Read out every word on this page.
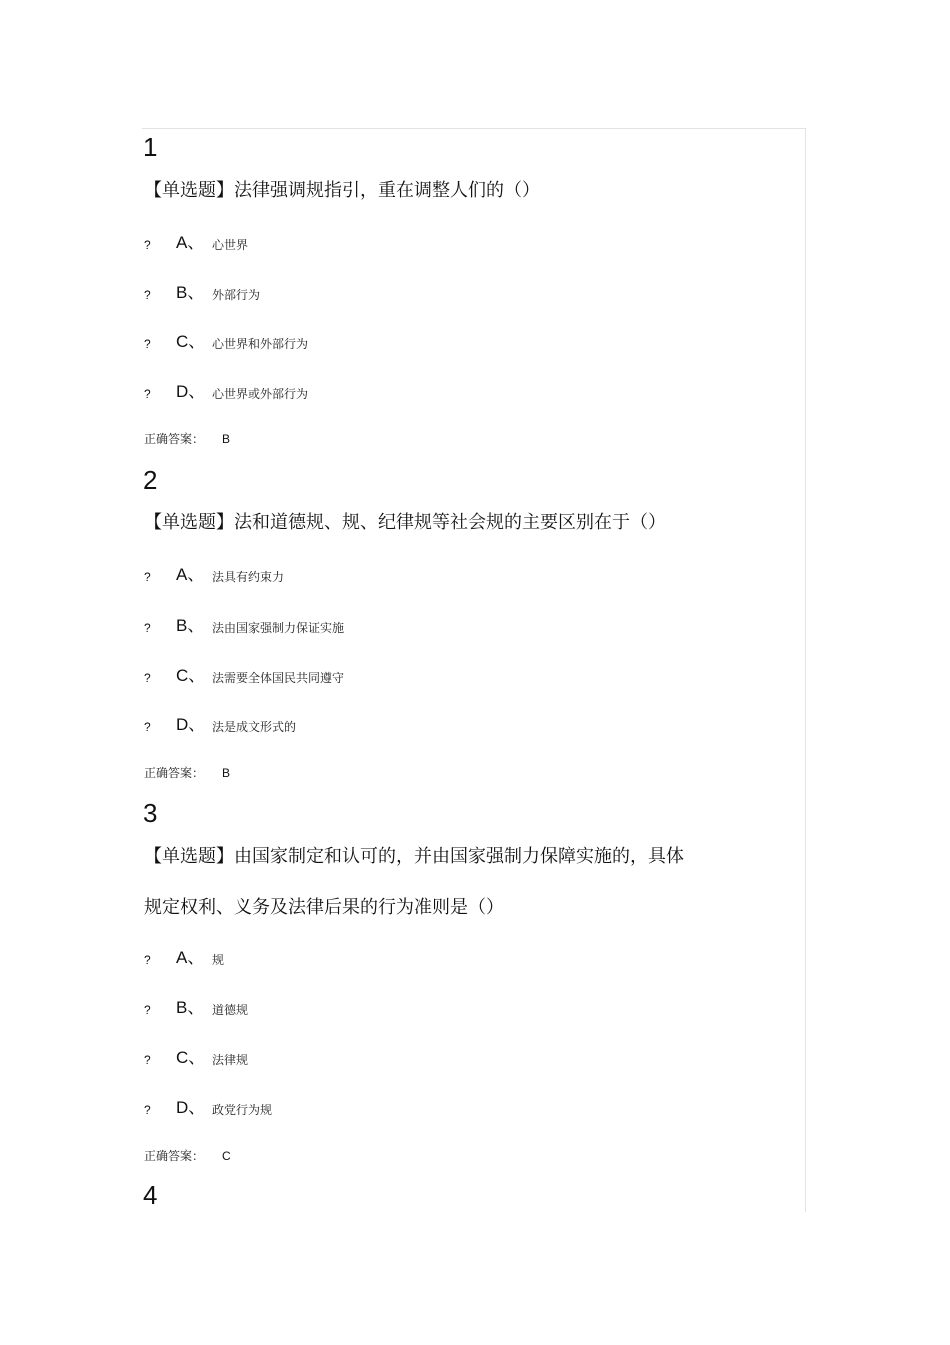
1
【单选题】法律强调规指引，重在调整人们的（）
? A、 心世界
? B、 外部行为
? C、 心世界和外部行为
? D、 心世界或外部行为
正确答案： B
2
【单选题】法和道德规、规、纪律规等社会规的主要区别在于（）
? A、 法具有约束力
? B、 法由国家强制力保证实施
? C、 法需要全体国民共同遵守
? D、 法是成文形式的
正确答案： B
3
【单选题】由国家制定和认可的，并由国家强制力保障实施的，具体
规定权利、义务及法律后果的行为准则是（）
? A、 规
? B、 道德规
? C、 法律规
? D、 政党行为规
正确答案： C
4
